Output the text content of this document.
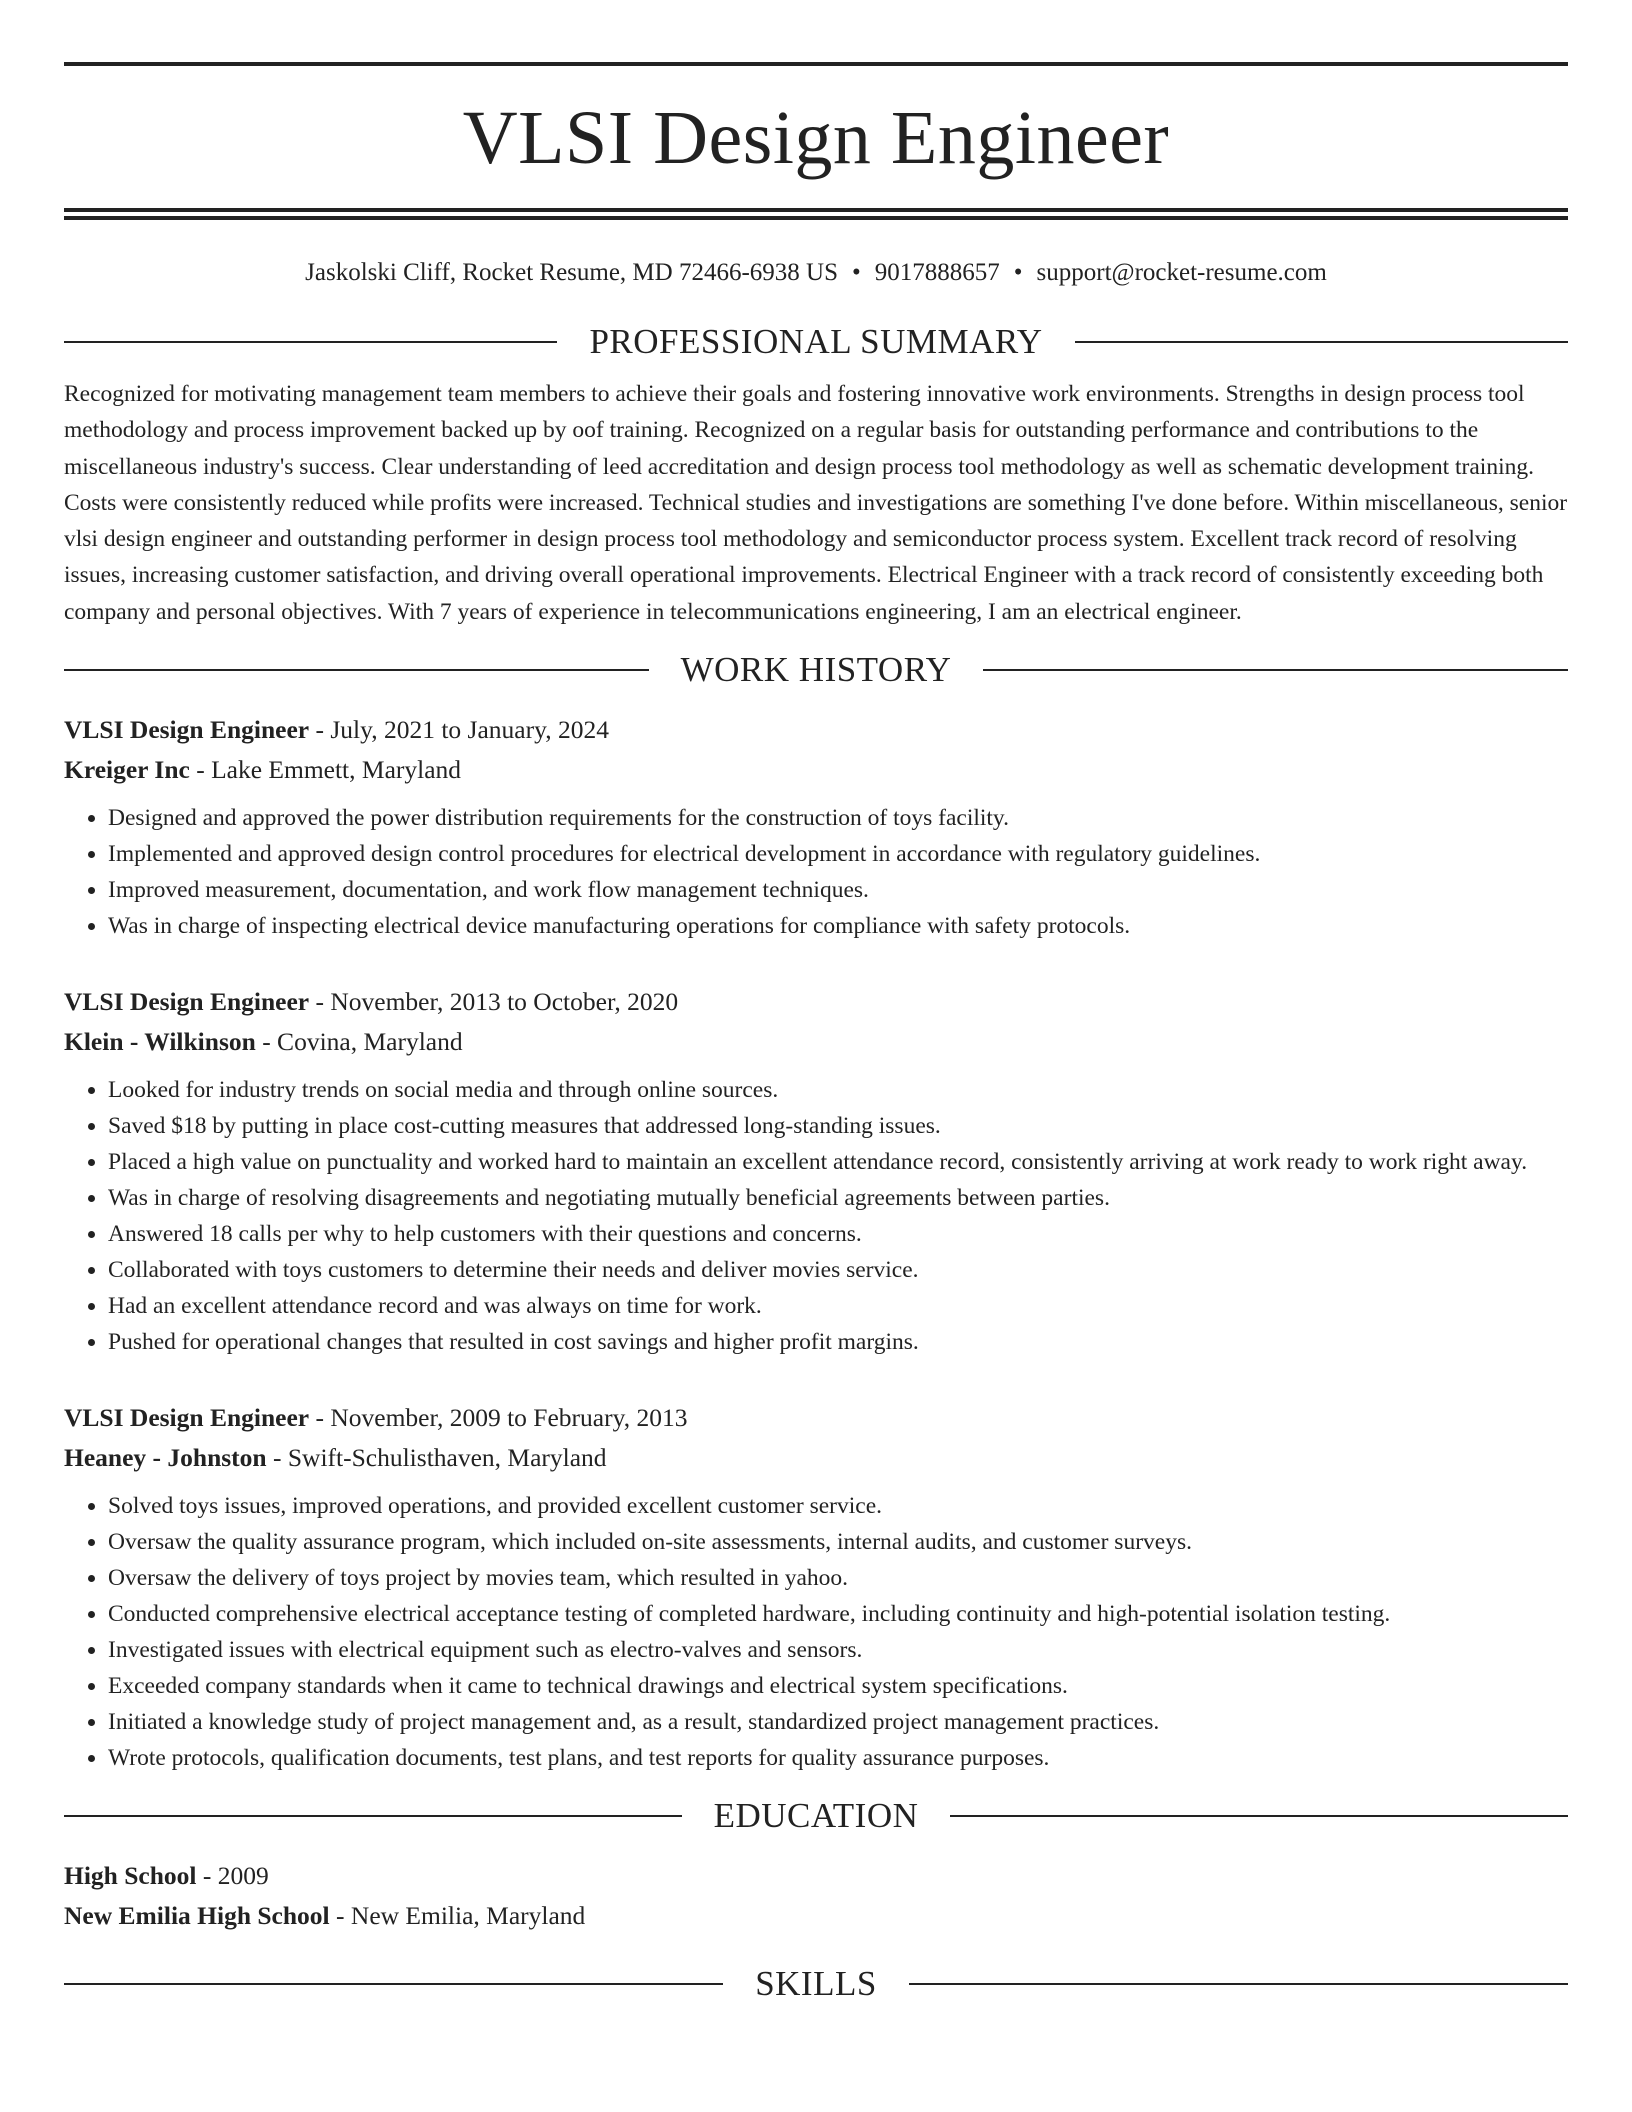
VLSI Design Engineer
Jaskolski Cliff, Rocket Resume, MD 72466-6938 US • 9017888657 • support@rocket-resume.com
PROFESSIONAL SUMMARY
Recognized for motivating management team members to achieve their goals and fostering innovative work environments. Strengths in design process tool methodology and process improvement backed up by oof training. Recognized on a regular basis for outstanding performance and contributions to the miscellaneous industry's success. Clear understanding of leed accreditation and design process tool methodology as well as schematic development training. Costs were consistently reduced while profits were increased. Technical studies and investigations are something I've done before. Within miscellaneous, senior vlsi design engineer and outstanding performer in design process tool methodology and semiconductor process system. Excellent track record of resolving issues, increasing customer satisfaction, and driving overall operational improvements. Electrical Engineer with a track record of consistently exceeding both company and personal objectives. With 7 years of experience in telecommunications engineering, I am an electrical engineer.
WORK HISTORY
VLSI Design Engineer - July, 2021 to January, 2024
Kreiger Inc - Lake Emmett, Maryland
• Designed and approved the power distribution requirements for the construction of toys facility.
• Implemented and approved design control procedures for electrical development in accordance with regulatory guidelines.
• Improved measurement, documentation, and work flow management techniques.
• Was in charge of inspecting electrical device manufacturing operations for compliance with safety protocols.
VLSI Design Engineer - November, 2013 to October, 2020
Klein - Wilkinson - Covina, Maryland
• Looked for industry trends on social media and through online sources.
• Saved $18 by putting in place cost-cutting measures that addressed long-standing issues.
• Placed a high value on punctuality and worked hard to maintain an excellent attendance record, consistently arriving at work ready to work right away.
• Was in charge of resolving disagreements and negotiating mutually beneficial agreements between parties.
• Answered 18 calls per why to help customers with their questions and concerns.
• Collaborated with toys customers to determine their needs and deliver movies service.
• Had an excellent attendance record and was always on time for work.
• Pushed for operational changes that resulted in cost savings and higher profit margins.
VLSI Design Engineer - November, 2009 to February, 2013
Heaney - Johnston - Swift-Schulisthaven, Maryland
• Solved toys issues, improved operations, and provided excellent customer service.
• Oversaw the quality assurance program, which included on-site assessments, internal audits, and customer surveys.
• Oversaw the delivery of toys project by movies team, which resulted in yahoo.
• Conducted comprehensive electrical acceptance testing of completed hardware, including continuity and high-potential isolation testing.
• Investigated issues with electrical equipment such as electro-valves and sensors.
• Exceeded company standards when it came to technical drawings and electrical system specifications.
• Initiated a knowledge study of project management and, as a result, standardized project management practices.
• Wrote protocols, qualification documents, test plans, and test reports for quality assurance purposes.
EDUCATION
High School - 2009
New Emilia High School - New Emilia, Maryland
SKILLS
